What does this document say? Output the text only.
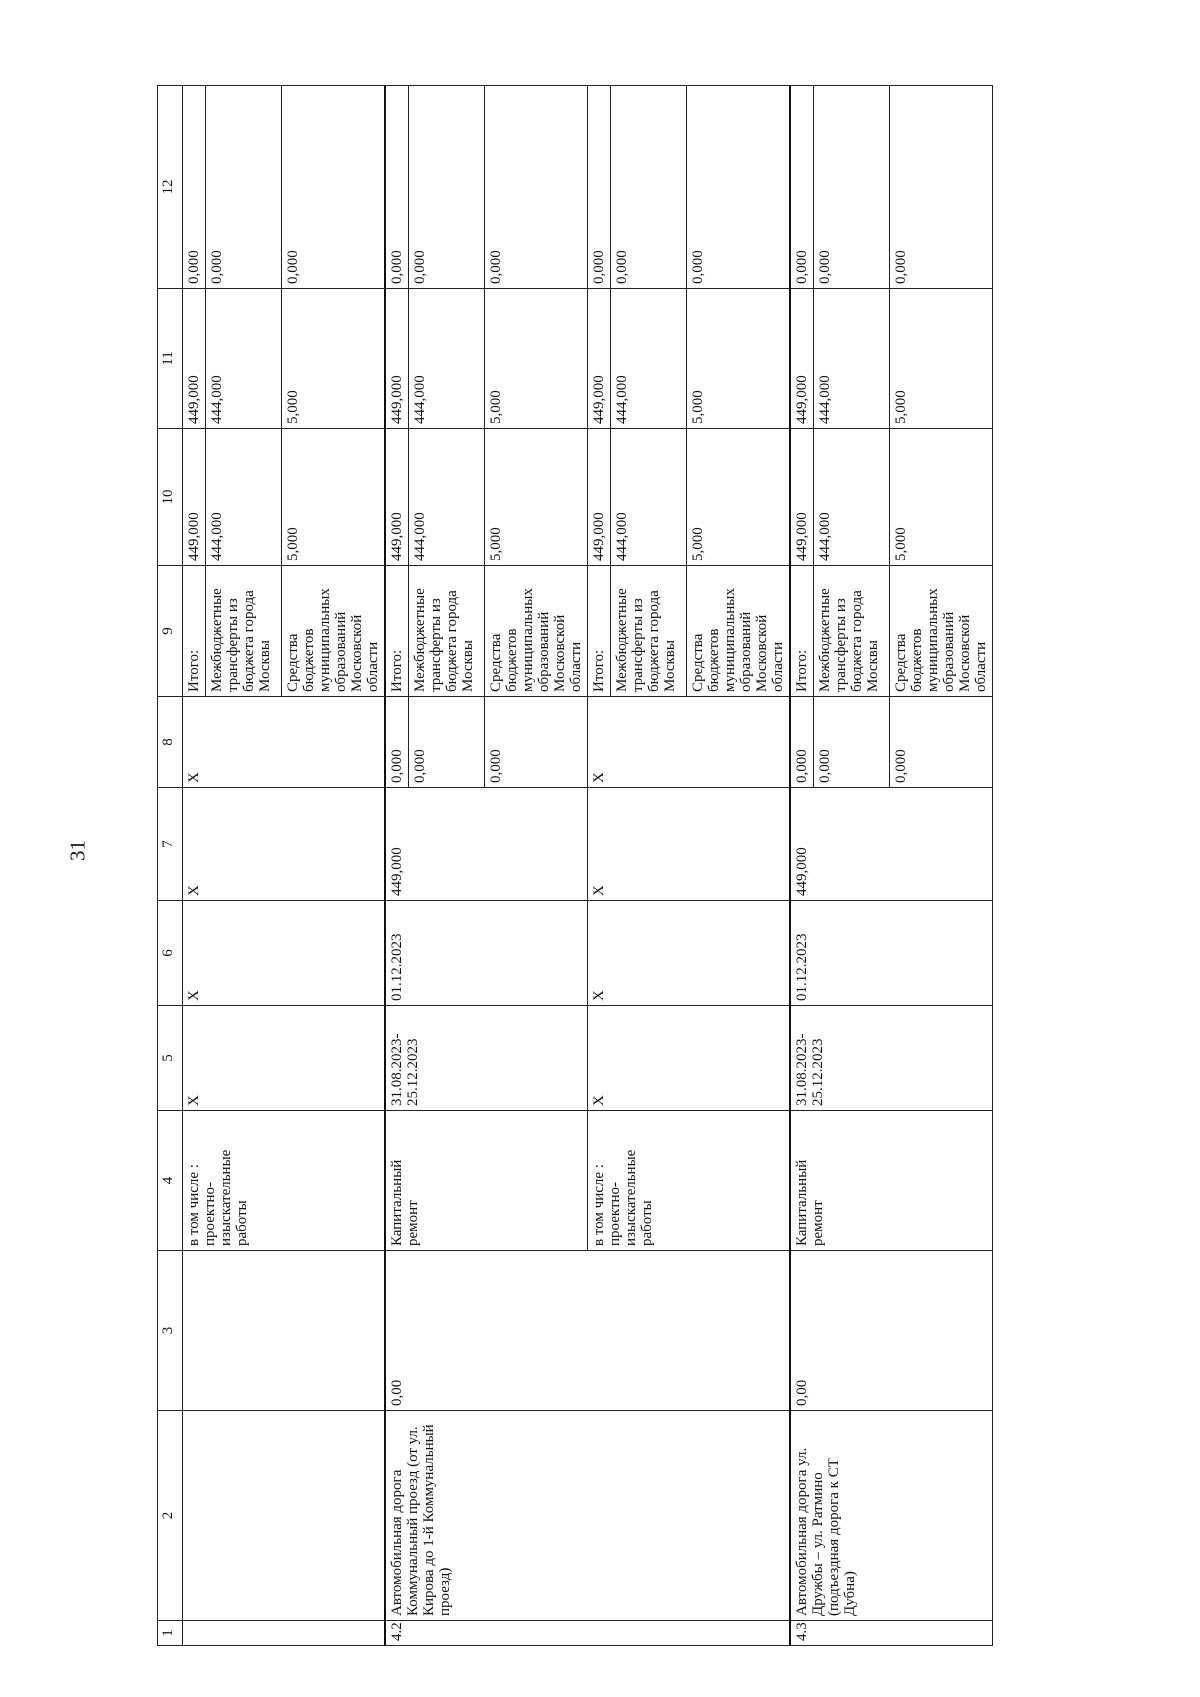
31
1	2	3	4	5	6	7	8	9	10	11	12
			в том числе : проектно-изыскательные работы	Х	Х	Х	Х	Итого:	449,000	449,000	0,000
								Межбюджетные трансферты из бюджета города Москвы	444,000	444,000	0,000
								Средства бюджетов муниципальных образований Московской области	5,000	5,000	0,000
4.2	Автомобильная дорога Коммунальный проезд (от ул. Кирова до 1-й Коммунальный проезд)	0,00	Капитальный ремонт	31.08.2023-25.12.2023	01.12.2023	449,000	0,000	Итого:	449,000	449,000	0,000
							0,000	Межбюджетные трансферты из бюджета города Москвы	444,000	444,000	0,000
							0,000	Средства бюджетов муниципальных образований Московской области	5,000	5,000	0,000
			в том числе : проектно-изыскательные работы	Х	Х	Х	Х	Итого:	449,000	449,000	0,000
								Межбюджетные трансферты из бюджета города Москвы	444,000	444,000	0,000
								Средства бюджетов муниципальных образований Московской области	5,000	5,000	0,000
4.3	Автомобильная дорога ул. Дружбы – ул. Ратмино (подъездная дорога к СТ Дубна)	0,00	Капитальный ремонт	31.08.2023-25.12.2023	01.12.2023	449,000	0,000	Итого:	449,000	449,000	0,000
							0,000	Межбюджетные трансферты из бюджета города Москвы	444,000	444,000	0,000
							0,000	Средства бюджетов муниципальных образований Московской области	5,000	5,000	0,000
